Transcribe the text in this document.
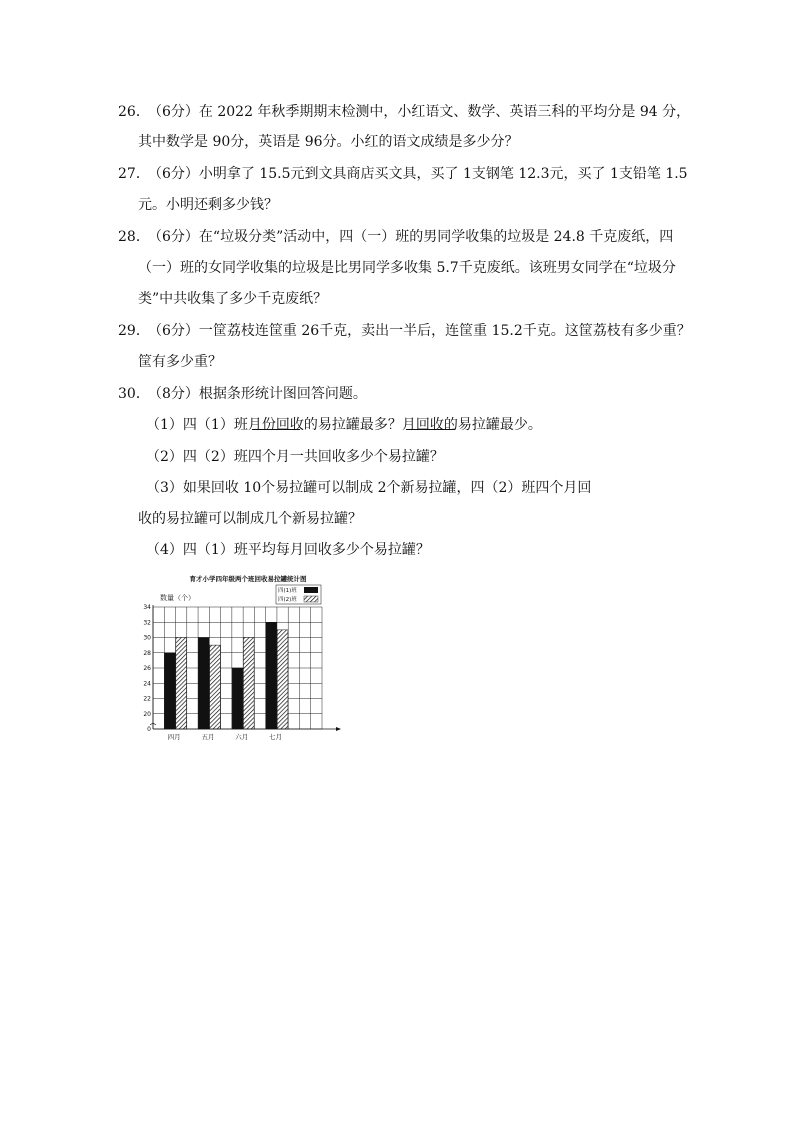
26．
（6分）在 2022 年秋季期期末检测中，小红语文、数学、英语三科的平均分是 94 分，
其中数学是 90分，英语是 96分。小红的语文成绩是多少分？
27．
（6分）小明拿了 15.5元到文具商店买文具，买了 1支钢笔 12.3元，买了 1支铅笔 1.5
元。小明还剩多少钱？
28．
（6分）在“垃圾分类”活动中，四（一）班的男同学收集的垃圾是 24.8 千克废纸，四
（一）班的女同学收集的垃圾是比男同学多收集 5.7千克废纸。该班男女同学在“垃圾分
类”中共收集了多少千克废纸？
29．
（6分）一筐荔枝连筐重 26千克，卖出一半后，连筐重 15.2千克。这筐荔枝有多少重？
筐有多少重？
30．
（8分）根据条形统计图回答问题。
（1）四（1）班
月份回收的易拉罐最多？
月回收的易拉罐最少。
（2）四（2）班四个月一共回收多少个易拉罐？
（3）如果回收 10个易拉罐可以制成 2个新易拉罐，四（2）班四个月回
收的易拉罐可以制成几个新易拉罐？
（4）四（1）班平均每月回收多少个易拉罐？
四月	五月	六月	七月
0
20
22
24
26
28
30
32
34
育才小学四年级两个班回收易拉罐统计图
数量（个）
四(1)班
四(2)班
